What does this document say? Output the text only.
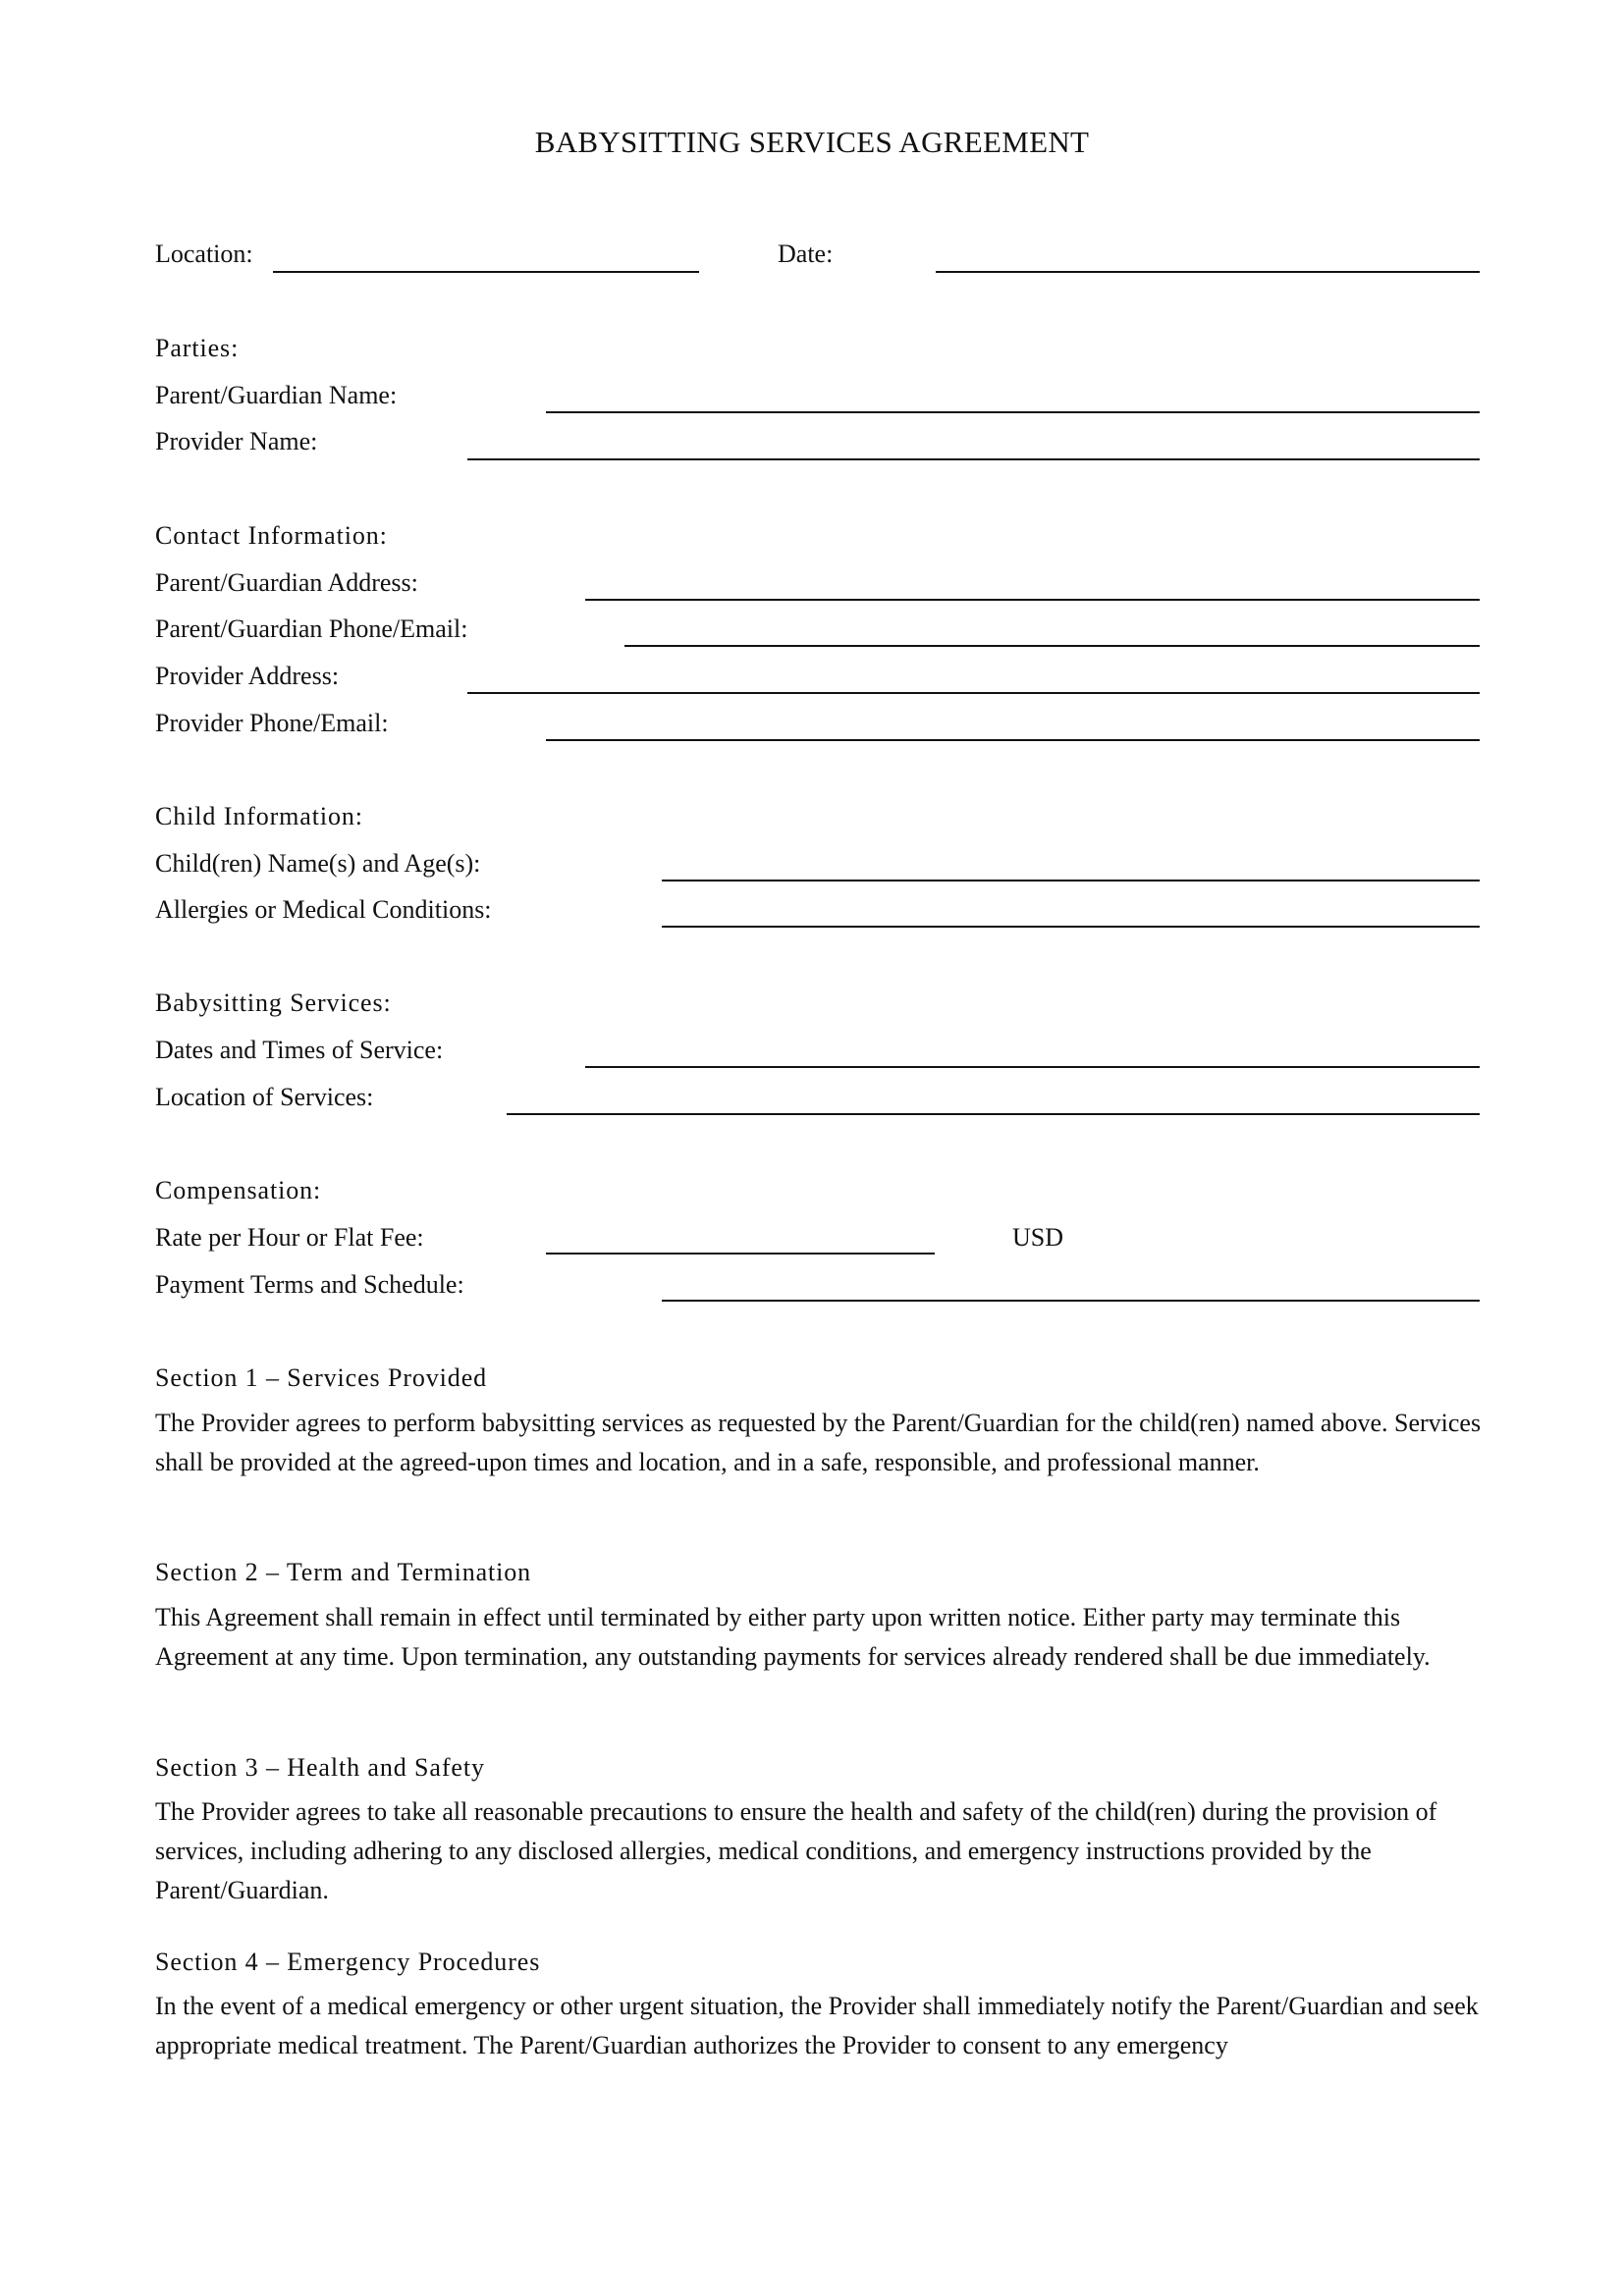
BABYSITTING SERVICES AGREEMENT
Location:	Date:
Parties:
Parent/Guardian Name:
Provider Name:
Contact Information:
Parent/Guardian Address:
Parent/Guardian Phone/Email:
Provider Address:
Provider Phone/Email:
Child Information:
Child(ren) Name(s) and Age(s):
Allergies or Medical Conditions:
Babysitting Services:
Dates and Times of Service:
Location of Services:
Compensation:
Rate per Hour or Flat Fee:	USD
Payment Terms and Schedule:
Section 1 – Services Provided
The Provider agrees to perform babysitting services as requested by the Parent/Guardian for the child(ren) named above. Services shall be provided at the agreed-upon times and location, and in a safe, responsible, and professional manner.
Section 2 – Term and Termination
This Agreement shall remain in effect until terminated by either party upon written notice. Either party may terminate this Agreement at any time. Upon termination, any outstanding payments for services already rendered shall be due immediately.
Section 3 – Health and Safety
The Provider agrees to take all reasonable precautions to ensure the health and safety of the child(ren) during the provision of services, including adhering to any disclosed allergies, medical conditions, and emergency instructions provided by the Parent/Guardian.
Section 4 – Emergency Procedures
In the event of a medical emergency or other urgent situation, the Provider shall immediately notify the Parent/Guardian and seek appropriate medical treatment. The Parent/Guardian authorizes the Provider to consent to any emergency
